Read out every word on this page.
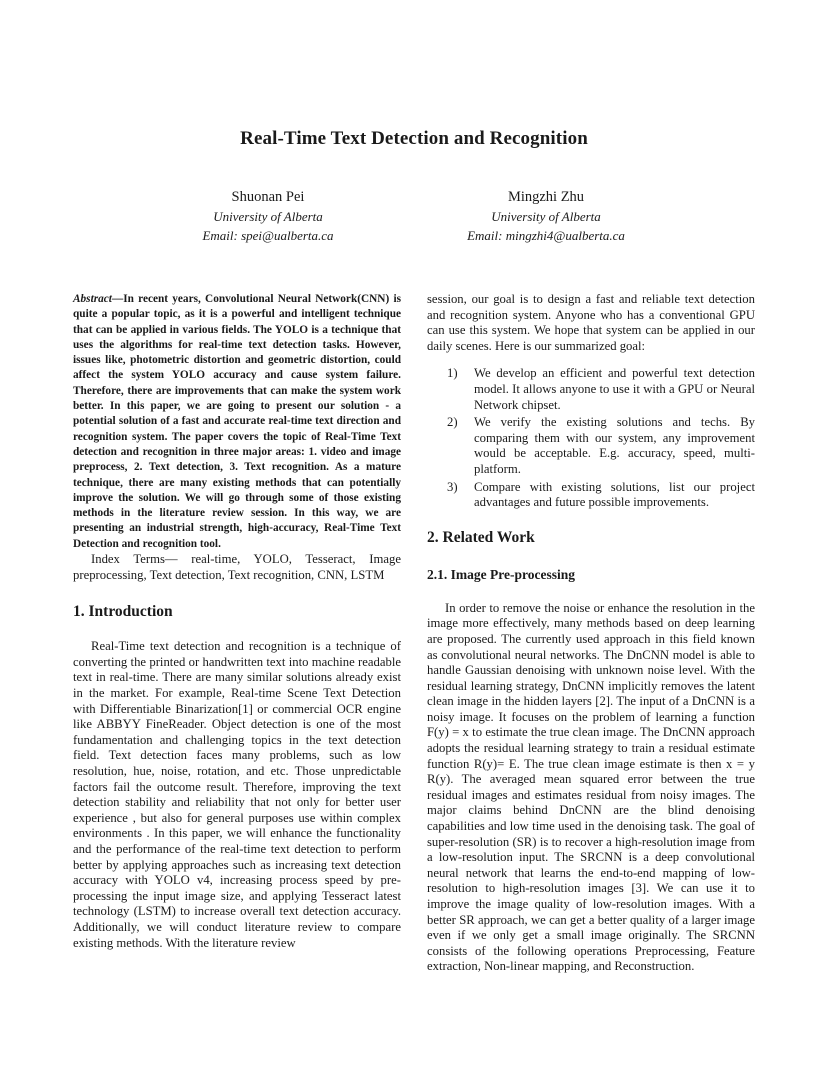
Real-Time Text Detection and Recognition
Shuonan Pei
University of Alberta
Email: spei@ualberta.ca
Mingzhi Zhu
University of Alberta
Email: mingzhi4@ualberta.ca

Abstract—In recent years, Convolutional Neural Network(CNN) is quite a popular topic, as it is a powerful and intelligent technique that can be applied in various fields. The YOLO is a technique that uses the algorithms for real-time text detection tasks. However, issues like, photometric distortion and geometric distortion, could affect the system YOLO accuracy and cause system failure. Therefore, there are improvements that can make the system work better. In this paper, we are going to present our solution - a potential solution of a fast and accurate real-time text direction and recognition system. The paper covers the topic of Real-Time Text detection and recognition in three major areas: 1. video and image preprocess, 2. Text detection, 3. Text recognition. As a mature technique, there are many existing methods that can potentially improve the solution. We will go through some of those existing methods in the literature review session. In this way, we are presenting an industrial strength, high-accuracy, Real-Time Text Detection and recognition tool.

Index Terms— real-time, YOLO, Tesseract, Image preprocessing, Text detection, Text recognition, CNN, LSTM

1. Introduction

Real-Time text detection and recognition is a technique of converting the printed or handwritten text into machine readable text in real-time. There are many similar solutions already exist in the market. For example, Real-time Scene Text Detection with Differentiable Binarization[1] or commercial OCR engine like ABBYY FineReader. Object detection is one of the most fundamentation and challenging topics in the text detection field. Text detection faces many problems, such as low resolution, hue, noise, rotation, and etc. Those unpredictable factors fail the outcome result. Therefore, improving the text detection stability and reliability that not only for better user experience , but also for general purposes use within complex environments . In this paper, we will enhance the functionality and the performance of the real-time text detection to perform better by applying approaches such as increasing text detection accuracy with YOLO v4, increasing process speed by pre-processing the input image size, and applying Tesseract latest technology (LSTM) to increase overall text detection accuracy. Additionally, we will conduct literature review to compare existing methods. With the literature review

session, our goal is to design a fast and reliable text detection and recognition system. Anyone who has a conventional GPU can use this system. We hope that system can be applied in our daily scenes. Here is our summarized goal:

1) We develop an efficient and powerful text detection model. It allows anyone to use it with a GPU or Neural Network chipset.
2) We verify the existing solutions and techs. By comparing them with our system, any improvement would be acceptable. E.g. accuracy, speed, multi-platform.
3) Compare with existing solutions, list our project advantages and future possible improvements.
2. Related Work
2.1. Image Pre-processing

In order to remove the noise or enhance the resolution in the image more effectively, many methods based on deep learning are proposed. The currently used approach in this field known as convolutional neural networks. The DnCNN model is able to handle Gaussian denoising with unknown noise level. With the residual learning strategy, DnCNN implicitly removes the latent clean image in the hidden layers [2]. The input of a DnCNN is a noisy image. It focuses on the problem of learning a function F(y) = x to estimate the true clean image. The DnCNN approach adopts the residual learning strategy to train a residual estimate function R(y)= E. The true clean image estimate is then x = y R(y). The averaged mean squared error between the true residual images and estimates residual from noisy images. The major claims behind DnCNN are the blind denoising capabilities and low time used in the denoising task. The goal of super-resolution (SR) is to recover a high-resolution image from a low-resolution input. The SRCNN is a deep convolutional neural network that learns the end-to-end mapping of low-resolution to high-resolution images [3]. We can use it to improve the image quality of low-resolution images. With a better SR approach, we can get a better quality of a larger image even if we only get a small image originally. The SRCNN consists of the following operations Preprocessing, Feature extraction, Non-linear mapping, and Reconstruction.
